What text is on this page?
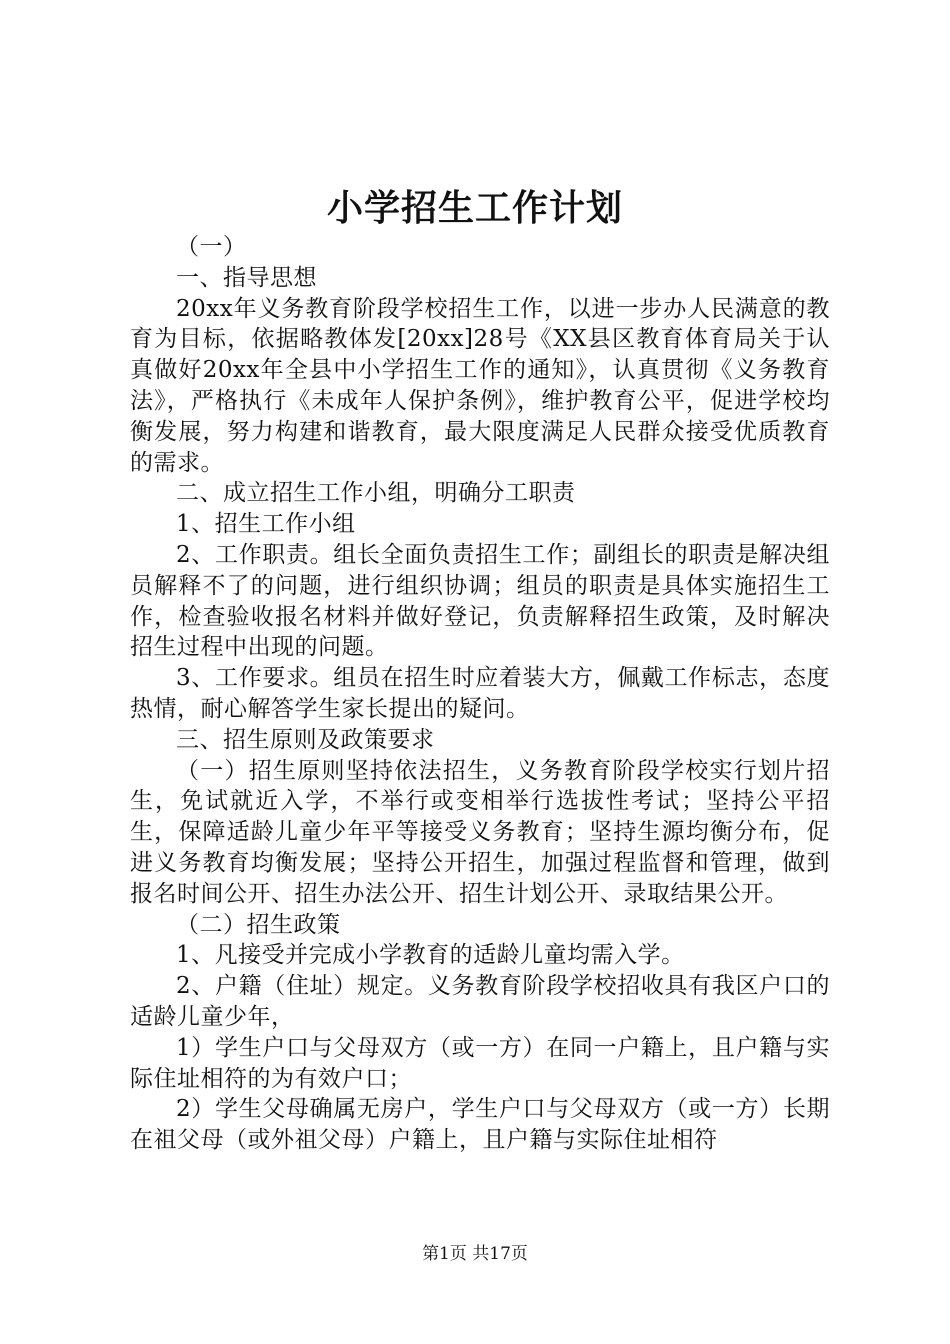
小学招生工作计划

（一）

一、指导思想

20xx年义务教育阶段学校招生工作，以进一步办人民满意的教育为目标，依据略教体发[20xx]28号《XX县区教育体育局关于认真做好20xx年全县中小学招生工作的通知》，认真贯彻《义务教育法》，严格执行《未成年人保护条例》，维护教育公平，促进学校均衡发展，努力构建和谐教育，最大限度满足人民群众接受优质教育的需求。

二、成立招生工作小组，明确分工职责

1、招生工作小组

2、工作职责。组长全面负责招生工作；副组长的职责是解决组员解释不了的问题，进行组织协调；组员的职责是具体实施招生工作，检查验收报名材料并做好登记，负责解释招生政策，及时解决招生过程中出现的问题。

3、工作要求。组员在招生时应着装大方，佩戴工作标志，态度热情，耐心解答学生家长提出的疑问。

三、招生原则及政策要求

（一）招生原则坚持依法招生，义务教育阶段学校实行划片招生，免试就近入学，不举行或变相举行选拔性考试；坚持公平招生，保障适龄儿童少年平等接受义务教育；坚持生源均衡分布，促进义务教育均衡发展；坚持公开招生，加强过程监督和管理，做到报名时间公开、招生办法公开、招生计划公开、录取结果公开。

（二）招生政策

1、凡接受并完成小学教育的适龄儿童均需入学。

2、户籍（住址）规定。义务教育阶段学校招收具有我区户口的适龄儿童少年，

1）学生户口与父母双方（或一方）在同一户籍上，且户籍与实际住址相符的为有效户口；

2）学生父母确属无房户，学生户口与父母双方（或一方）长期在祖父母（或外祖父母）户籍上，且户籍与实际住址相符

第1页 共17页
